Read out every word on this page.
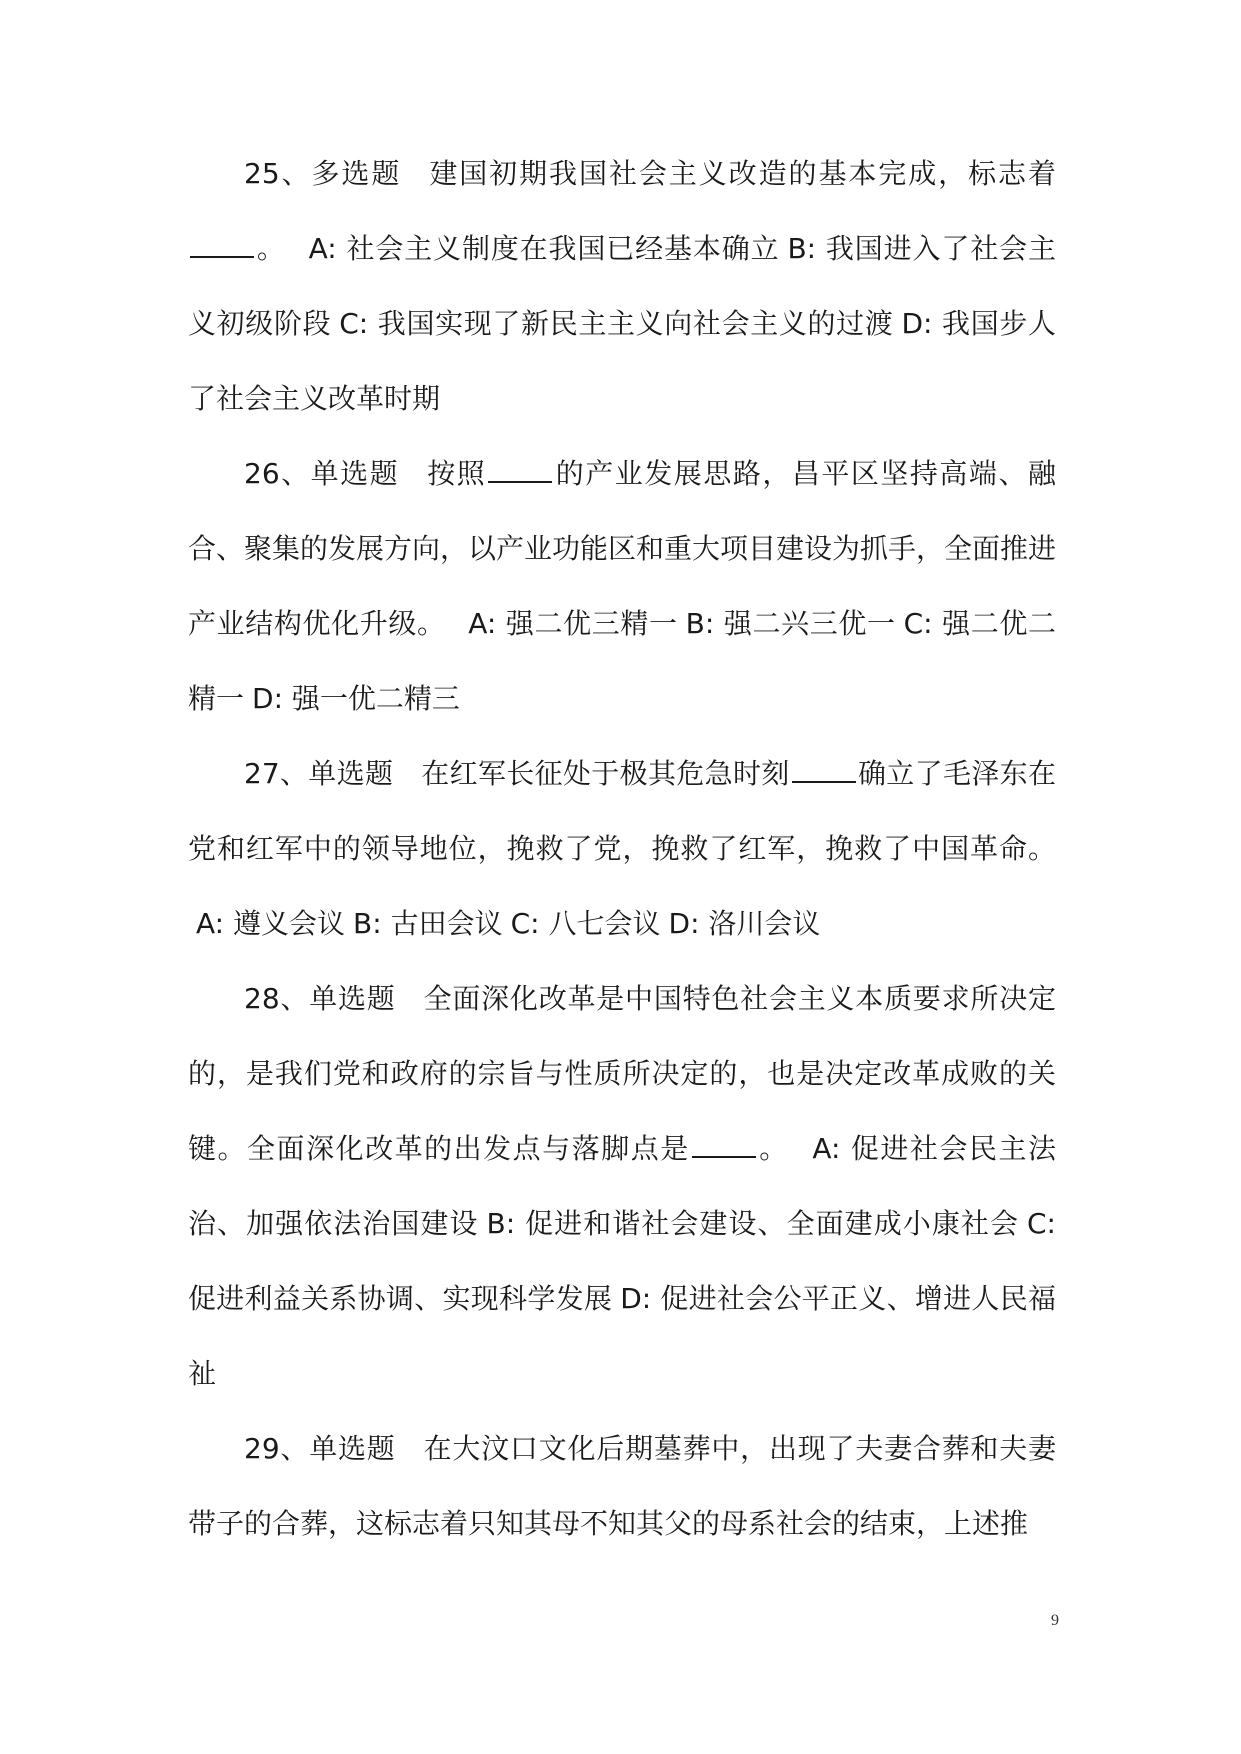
25、多选题 建国初期我国社会主义改造的基本完成，标志着。　 A: 社会主义制度在我国已经基本确立 B: 我国进入了社会主义初级阶段 C: 我国实现了新民主主义向社会主义的过渡 D: 我国步人了社会主义改革时期

26、单选题 按照 的产业发展思路，昌平区坚持高端、融合、聚集的发展方向，以产业功能区和重大项目建设为抓手，全面推进产业结构优化升级。　 A: 强二优三精一 B: 强二兴三优一 C: 强二优二精一 D: 强一优二精三

27、单选题 在红军长征处于极其危急时刻 确立了毛泽东在党和红军中的领导地位，挽救了党，挽救了红军，挽救了中国革命。A: 遵义会议 B: 古田会议 C: 八七会议 D: 洛川会议

28、单选题 全面深化改革是中国特色社会主义本质要求所决定的，是我们党和政府的宗旨与性质所决定的，也是决定改革成败的关键。全面深化改革的出发点与落脚点是 。　 A: 促进社会民主法治、加强依法治国建设 B: 促进和谐社会建设、全面建成小康社会 C: 促进利益关系协调、实现科学发展 D: 促进社会公平正义、增进人民福祉

29、单选题 在大汶口文化后期墓葬中，出现了夫妻合葬和夫妻带子的合葬，这标志着只知其母不知其父的母系社会的结束，上述推

9
